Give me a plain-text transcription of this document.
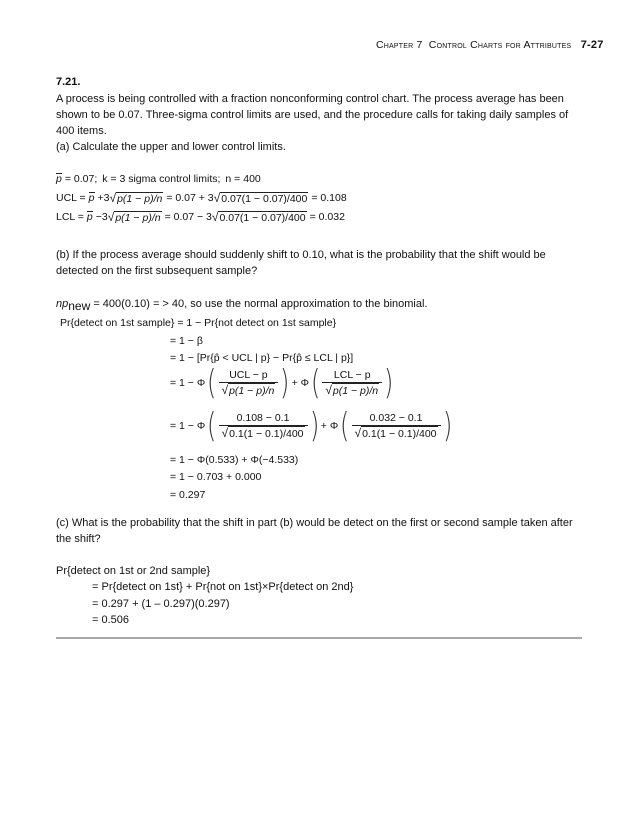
Chapter 7 Control Charts for Attributes 7-27
7.21.
A process is being controlled with a fraction nonconforming control chart. The process average has been shown to be 0.07. Three-sigma control limits are used, and the procedure calls for taking daily samples of 400 items.
(a) Calculate the upper and lower control limits.
p = 0.07; k = 3 sigma control limits; n = 400
UCL = p +3 √ p(1 − p)/n = 0.07 + 3 √ 0.07(1 − 0.07)/400 = 0.108
LCL = p −3 √ p(1 − p)/n = 0.07 − 3 √ 0.07(1 − 0.07)/400 = 0.032
(b) If the process average should suddenly shift to 0.10, what is the probability that the shift would be detected on the first subsequent sample?
$np_{new} = 400(0.10)$ = > 40, so use the normal approximation to the binomial.
Pr{detect on 1st sample} = 1 − Pr{not detect on 1st sample}
= 1 − β
= 1 − [Pr{p̂ < UCL | p} − Pr{p̂ ≤ LCL | p}]
= 1 − Φ ( $\frac{\text{UCL − p}}{√p(1 - p)/n}$ ) + Φ ( $\frac{\text{LCL − p}}{√p(1 - p)/n}$ )
= 1 − Φ ( $\frac{0.108 - 0.1}{√0.1(1 - 0.1)/400}$ ) + Φ ( $\frac{0.032 - 0.1}{√0.1(1 - 0.1)/400}$ )
= 1 − Φ(0.533) + Φ(−4.533)
= 1 − 0.703 + 0.000
= 0.297
(c) What is the probability that the shift in part (b) would be detect on the first or second sample taken after the shift?
Pr{detect on 1st or 2nd sample}
= Pr{detect on 1st} + Pr{not on 1st}×Pr{detect on 2nd}
= 0.297 + (1 – 0.297)(0.297)
= 0.506
